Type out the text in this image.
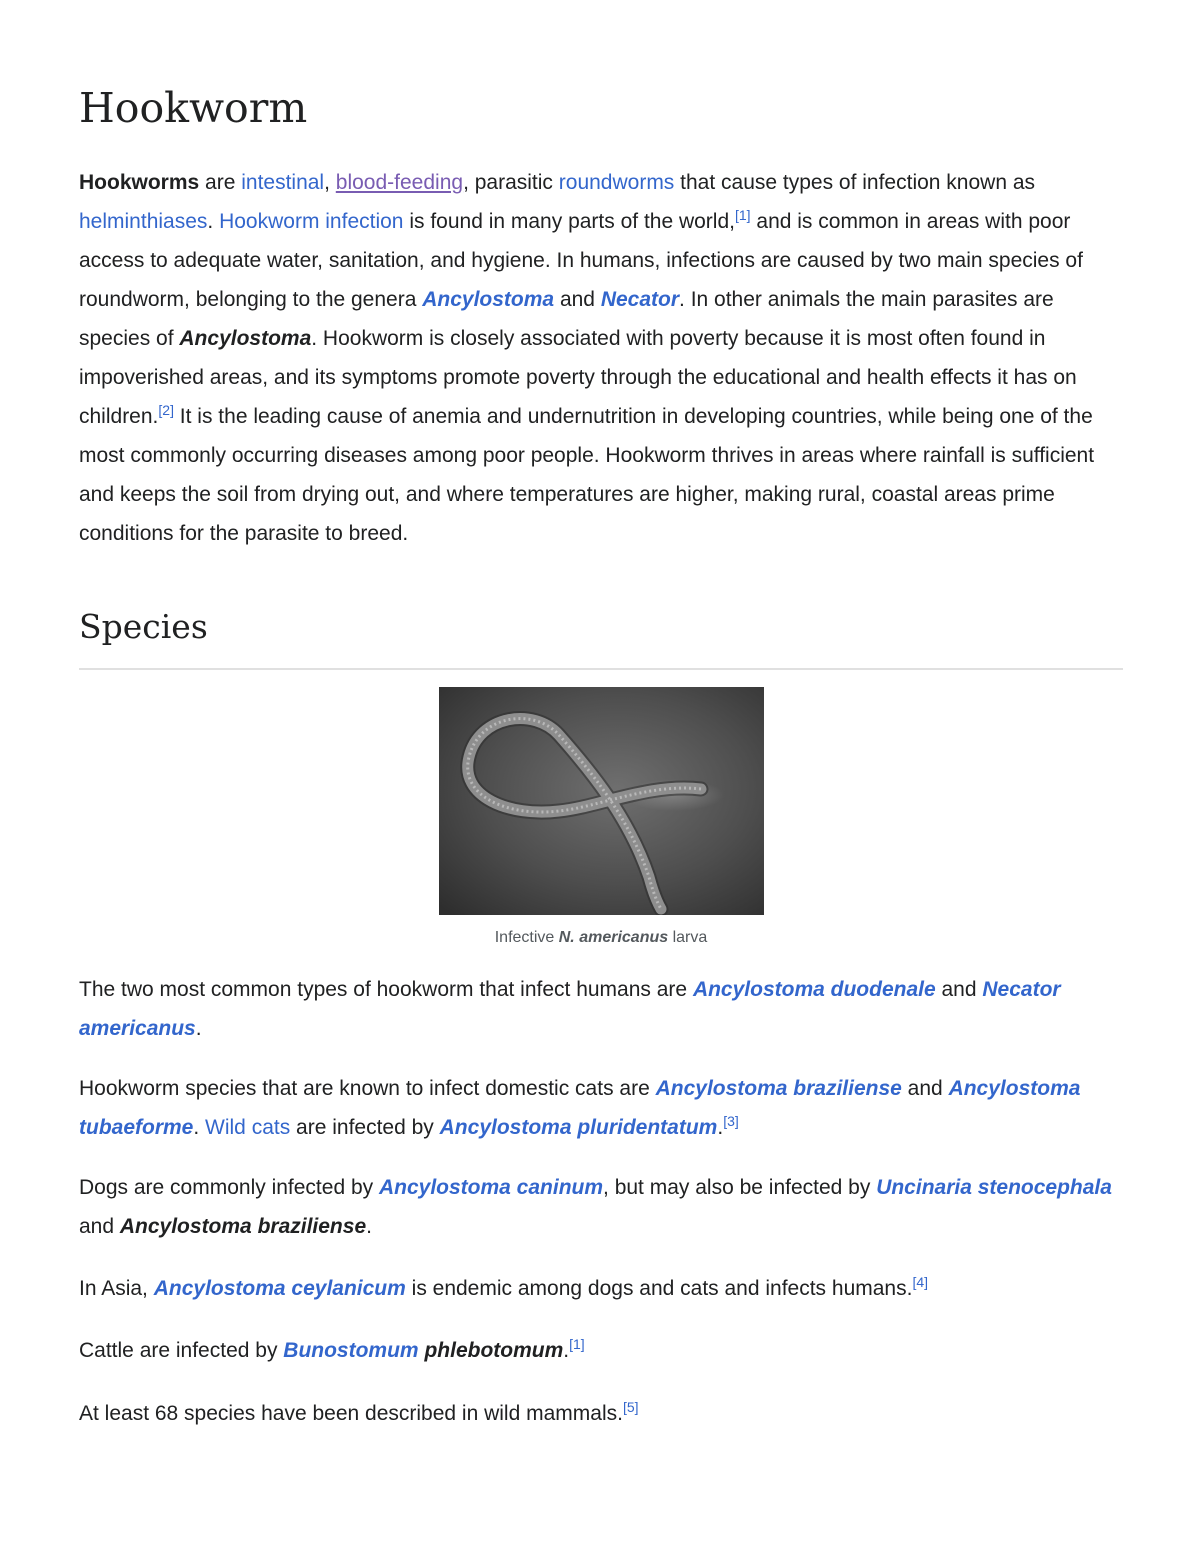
Hookworm

Hookworms are intestinal, blood-feeding, parasitic roundworms that cause types of infection known as helminthiases. Hookworm infection is found in many parts of the world,[1] and is common in areas with poor access to adequate water, sanitation, and hygiene. In humans, infections are caused by two main species of roundworm, belonging to the genera Ancylostoma and Necator. In other animals the main parasites are species of Ancylostoma. Hookworm is closely associated with poverty because it is most often found in impoverished areas, and its symptoms promote poverty through the educational and health effects it has on children.[2] It is the leading cause of anemia and undernutrition in developing countries, while being one of the most commonly occurring diseases among poor people. Hookworm thrives in areas where rainfall is sufficient and keeps the soil from drying out, and where temperatures are higher, making rural, coastal areas prime conditions for the parasite to breed.

Species
Infective N. americanus larva

The two most common types of hookworm that infect humans are Ancylostoma duodenale and Necator americanus.

Hookworm species that are known to infect domestic cats are Ancylostoma braziliense and Ancylostoma tubaeforme. Wild cats are infected by Ancylostoma pluridentatum.[3]

Dogs are commonly infected by Ancylostoma caninum, but may also be infected by Uncinaria stenocephala and Ancylostoma braziliense.

In Asia, Ancylostoma ceylanicum is endemic among dogs and cats and infects humans.[4]

Cattle are infected by Bunostomum phlebotomum.[1]

At least 68 species have been described in wild mammals.[5]
